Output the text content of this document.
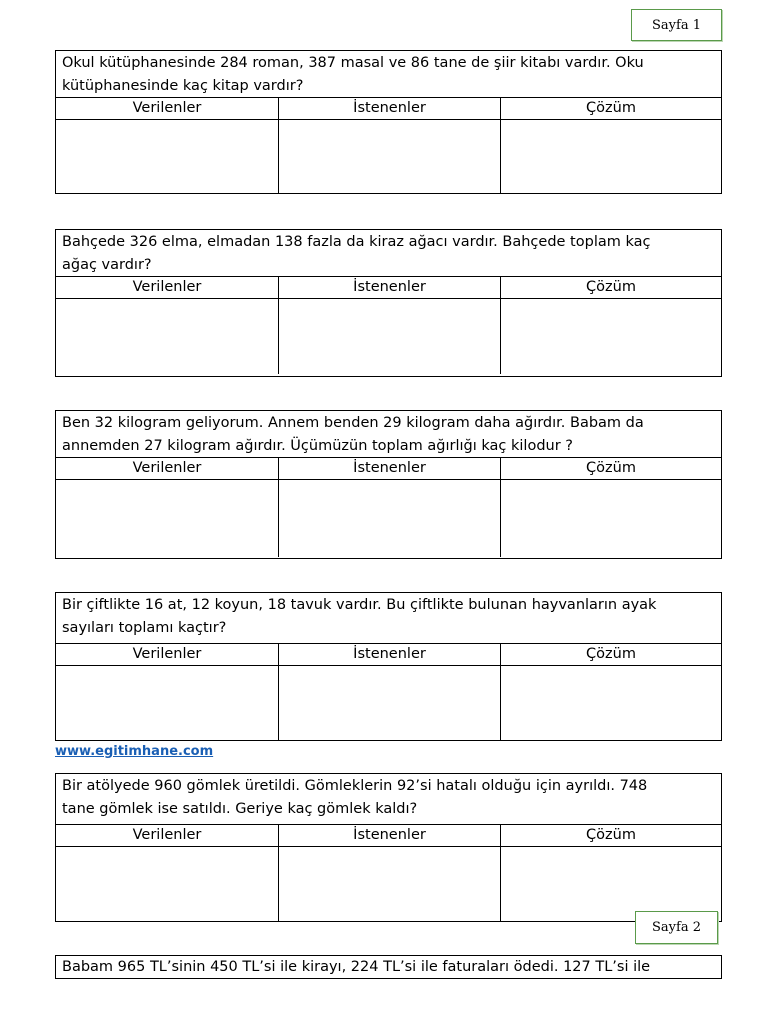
Sayfa 1
Okul kütüphanesinde 284 roman, 387 masal ve 86 tane de şiir kitabı vardır. Oku
kütüphanesinde kaç kitap vardır?
Verilenler	İstenenler	Çözüm
Bahçede 326 elma, elmadan 138 fazla da kiraz ağacı vardır. Bahçede toplam kaç
ağaç vardır?
Verilenler	İstenenler	Çözüm
Ben 32 kilogram geliyorum. Annem benden 29 kilogram daha ağırdır. Babam da
annemden 27 kilogram ağırdır. Üçümüzün toplam ağırlığı kaç kilodur ?
Verilenler	İstenenler	Çözüm
Bir çiftlikte 16 at, 12 koyun, 18 tavuk vardır. Bu çiftlikte bulunan hayvanların ayak
sayıları toplamı kaçtır?
Verilenler	İstenenler	Çözüm
www.egitimhane.com
Bir atölyede 960 gömlek üretildi. Gömleklerin 92’si hatalı olduğu için ayrıldı. 748
tane gömlek ise satıldı. Geriye kaç gömlek kaldı?
Verilenler	İstenenler	Çözüm
Sayfa 2
Babam 965 TL’sinin 450 TL’si ile kirayı, 224 TL’si ile faturaları ödedi. 127 TL’si ile
